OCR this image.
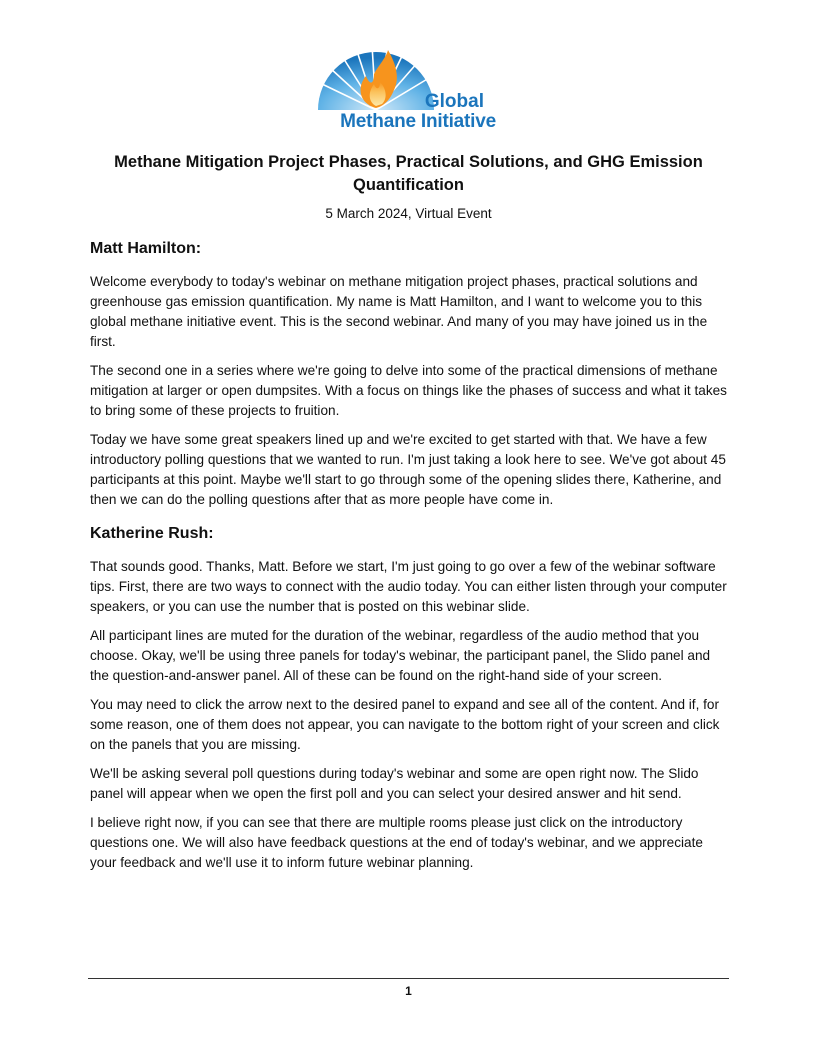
Global
Methane Initiative
Methane Mitigation Project Phases, Practical Solutions, and GHG Emission Quantification

5 March 2024, Virtual Event

Matt Hamilton:

Welcome everybody to today's webinar on methane mitigation project phases, practical solutions and greenhouse gas emission quantification. My name is Matt Hamilton, and I want to welcome you to this global methane initiative event. This is the second webinar. And many of you may have joined us in the first.

The second one in a series where we're going to delve into some of the practical dimensions of methane mitigation at larger or open dumpsites. With a focus on things like the phases of success and what it takes to bring some of these projects to fruition.

Today we have some great speakers lined up and we're excited to get started with that. We have a few introductory polling questions that we wanted to run. I'm just taking a look here to see. We've got about 45 participants at this point. Maybe we'll start to go through some of the opening slides there, Katherine, and then we can do the polling questions after that as more people have come in.

Katherine Rush:

That sounds good. Thanks, Matt. Before we start, I'm just going to go over a few of the webinar software tips. First, there are two ways to connect with the audio today. You can either listen through your computer speakers, or you can use the number that is posted on this webinar slide.

All participant lines are muted for the duration of the webinar, regardless of the audio method that you choose. Okay, we'll be using three panels for today's webinar, the participant panel, the Slido panel and the question-and-answer panel. All of these can be found on the right-hand side of your screen.

You may need to click the arrow next to the desired panel to expand and see all of the content. And if, for some reason, one of them does not appear, you can navigate to the bottom right of your screen and click on the panels that you are missing.

We'll be asking several poll questions during today's webinar and some are open right now. The Slido panel will appear when we open the first poll and you can select your desired answer and hit send.

I believe right now, if you can see that there are multiple rooms please just click on the introductory questions one. We will also have feedback questions at the end of today's webinar, and we appreciate your feedback and we'll use it to inform future webinar planning.

1
